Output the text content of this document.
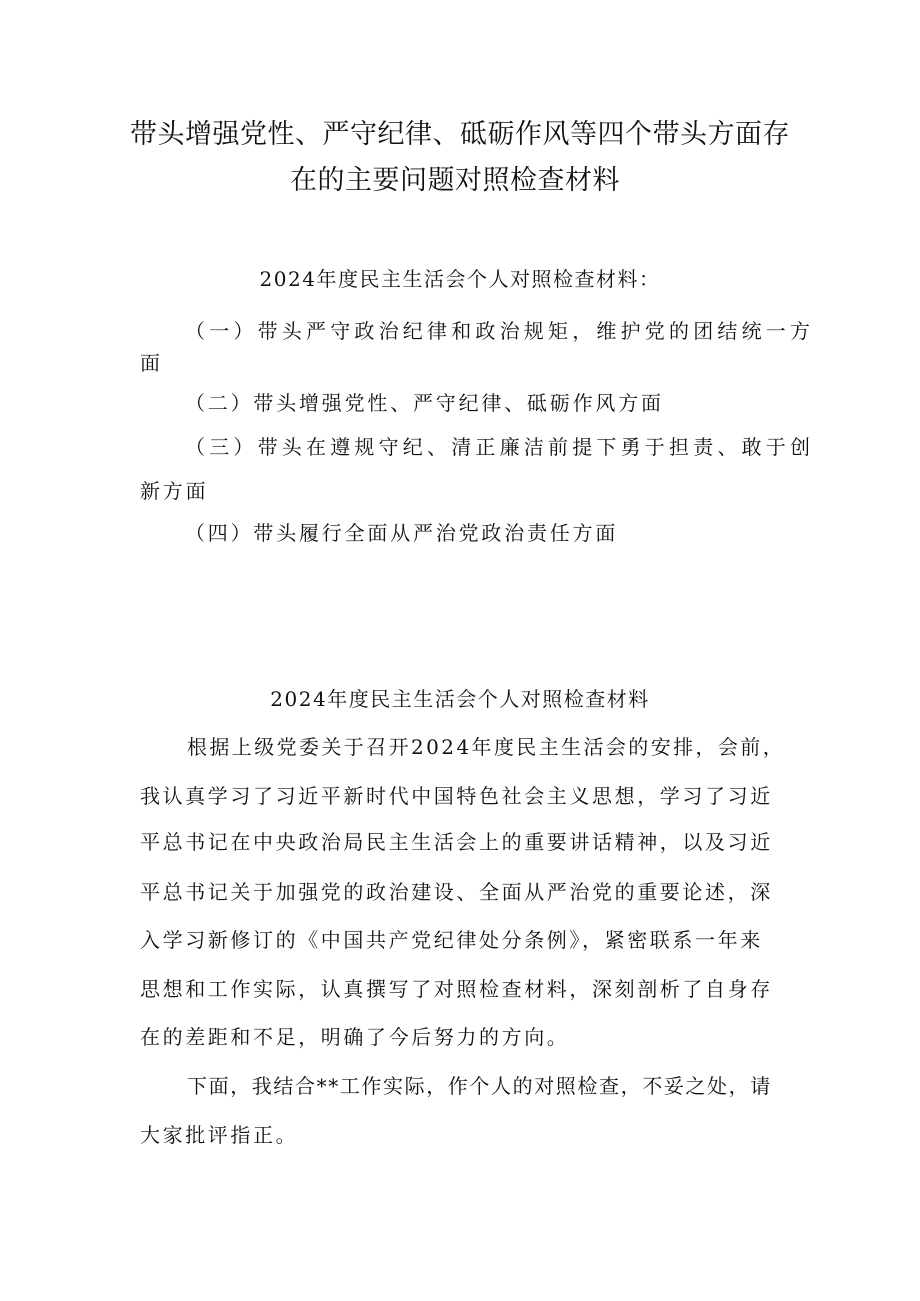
带头增强党性、严守纪律、砥砺作风等四个带头方面存
在的主要问题对照检查材料
2024年度民主生活会个人对照检查材料：
（一）带头严守政治纪律和政治规矩，维护党的团结统一方
面
（二）带头增强党性、严守纪律、砥砺作风方面
（三）带头在遵规守纪、清正廉洁前提下勇于担责、敢于创
新方面
（四）带头履行全面从严治党政治责任方面
2024年度民主生活会个人对照检查材料
根据上级党委关于召开2024年度民主生活会的安排，会前，
我认真学习了习近平新时代中国特色社会主义思想，学习了习近
平总书记在中央政治局民主生活会上的重要讲话精神，以及习近
平总书记关于加强党的政治建设、全面从严治党的重要论述，深
入学习新修订的《中国共产党纪律处分条例》，紧密联系一年来
思想和工作实际，认真撰写了对照检查材料，深刻剖析了自身存
在的差距和不足，明确了今后努力的方向。
下面，我结合**工作实际，作个人的对照检查，不妥之处，请
大家批评指正。
